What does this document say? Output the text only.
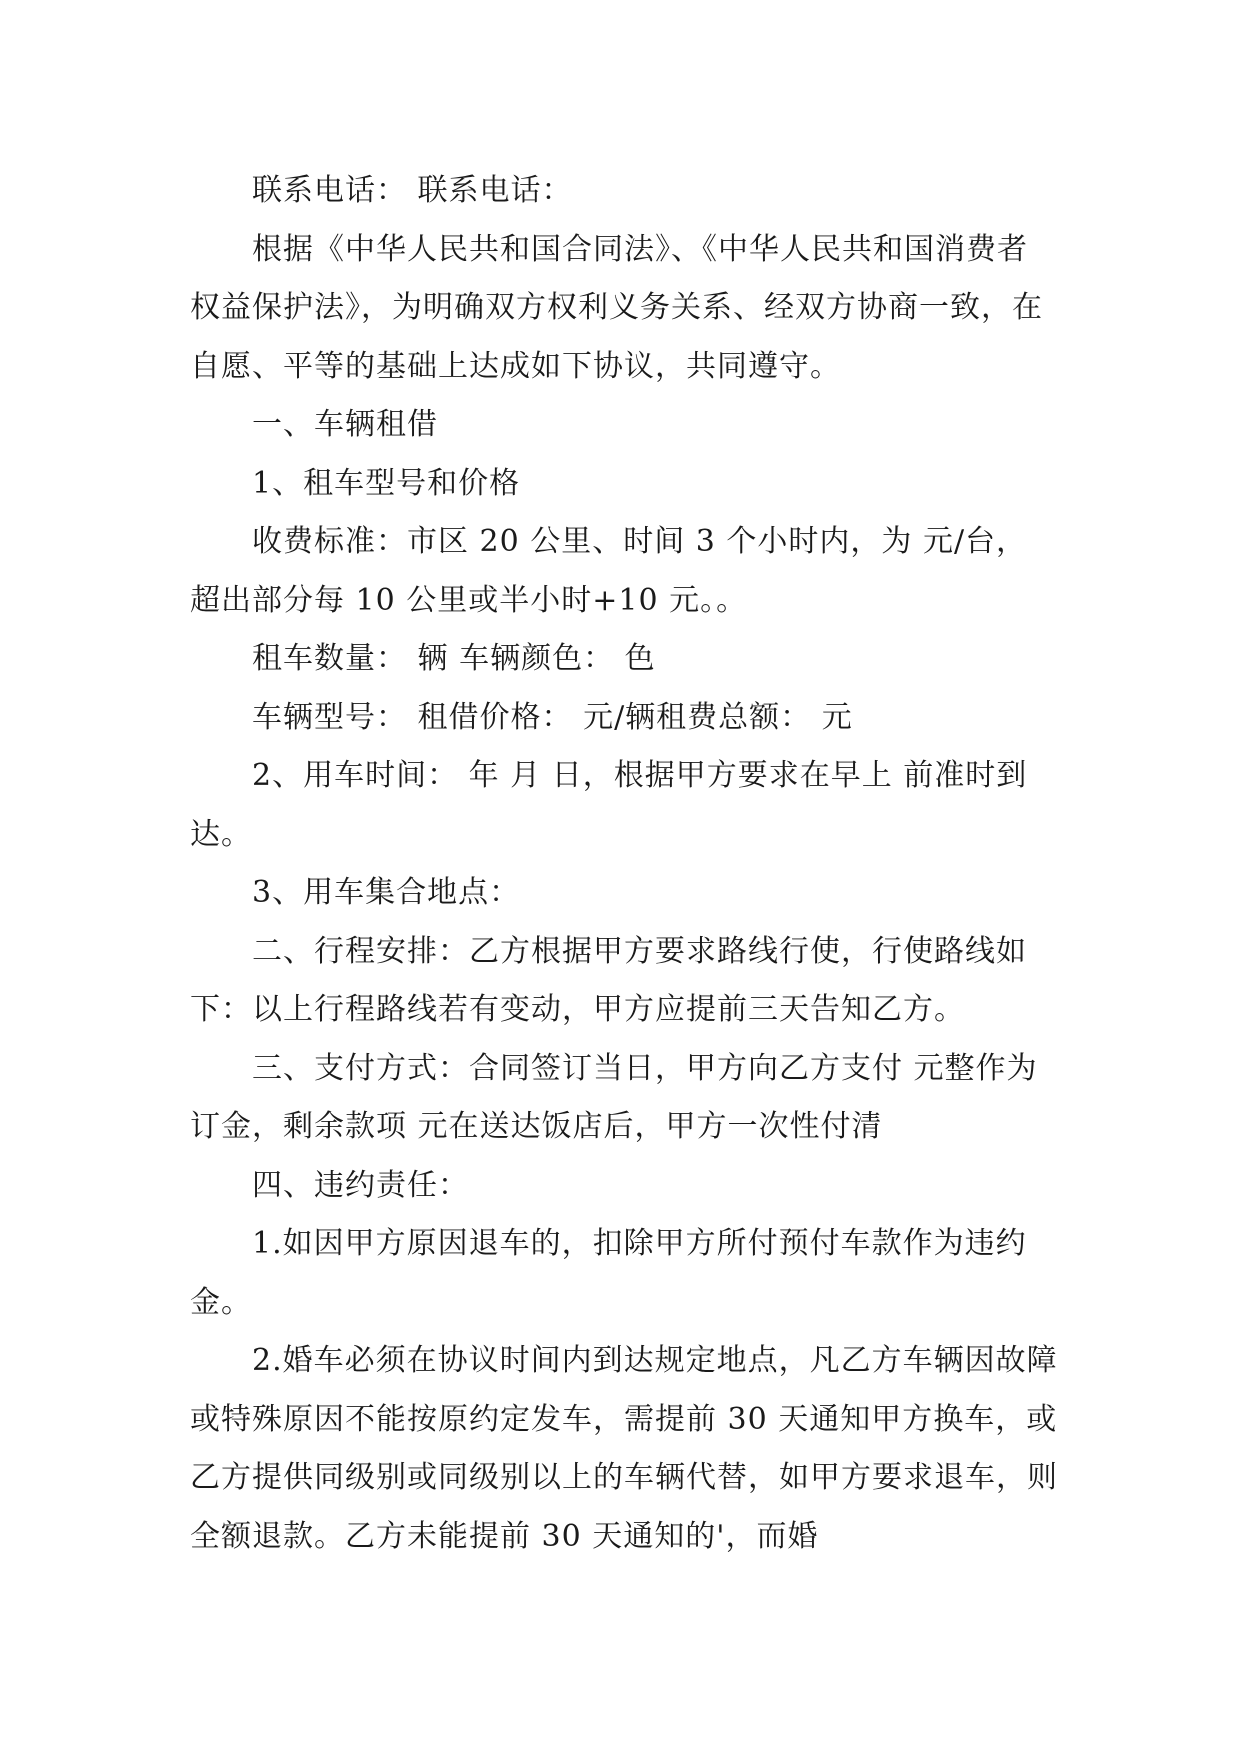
联系电话： 联系电话：

根据《中华人民共和国合同法》、《中华人民共和国消费者权益保护法》，为明确双方权利义务关系、经双方协商一致，在自愿、平等的基础上达成如下协议，共同遵守。

一、车辆租借

1、租车型号和价格

收费标准：市区 20 公里、时间 3 个小时内，为 元/台，超出部分每 10 公里或半小时+10 元。。

租车数量： 辆 车辆颜色： 色

车辆型号： 租借价格： 元/辆租费总额： 元

2、用车时间： 年 月 日，根据甲方要求在早上 前准时到达。

3、用车集合地点：

二、行程安排：乙方根据甲方要求路线行使，行使路线如下：以上行程路线若有变动，甲方应提前三天告知乙方。

三、支付方式：合同签订当日，甲方向乙方支付 元整作为订金，剩余款项 元在送达饭店后，甲方一次性付清

四、违约责任：

1.如因甲方原因退车的，扣除甲方所付预付车款作为违约金。

2.婚车必须在协议时间内到达规定地点，凡乙方车辆因故障或特殊原因不能按原约定发车，需提前 30 天通知甲方换车，或乙方提供同级别或同级别以上的车辆代替，如甲方要求退车，则全额退款。乙方未能提前 30 天通知的'，而婚
